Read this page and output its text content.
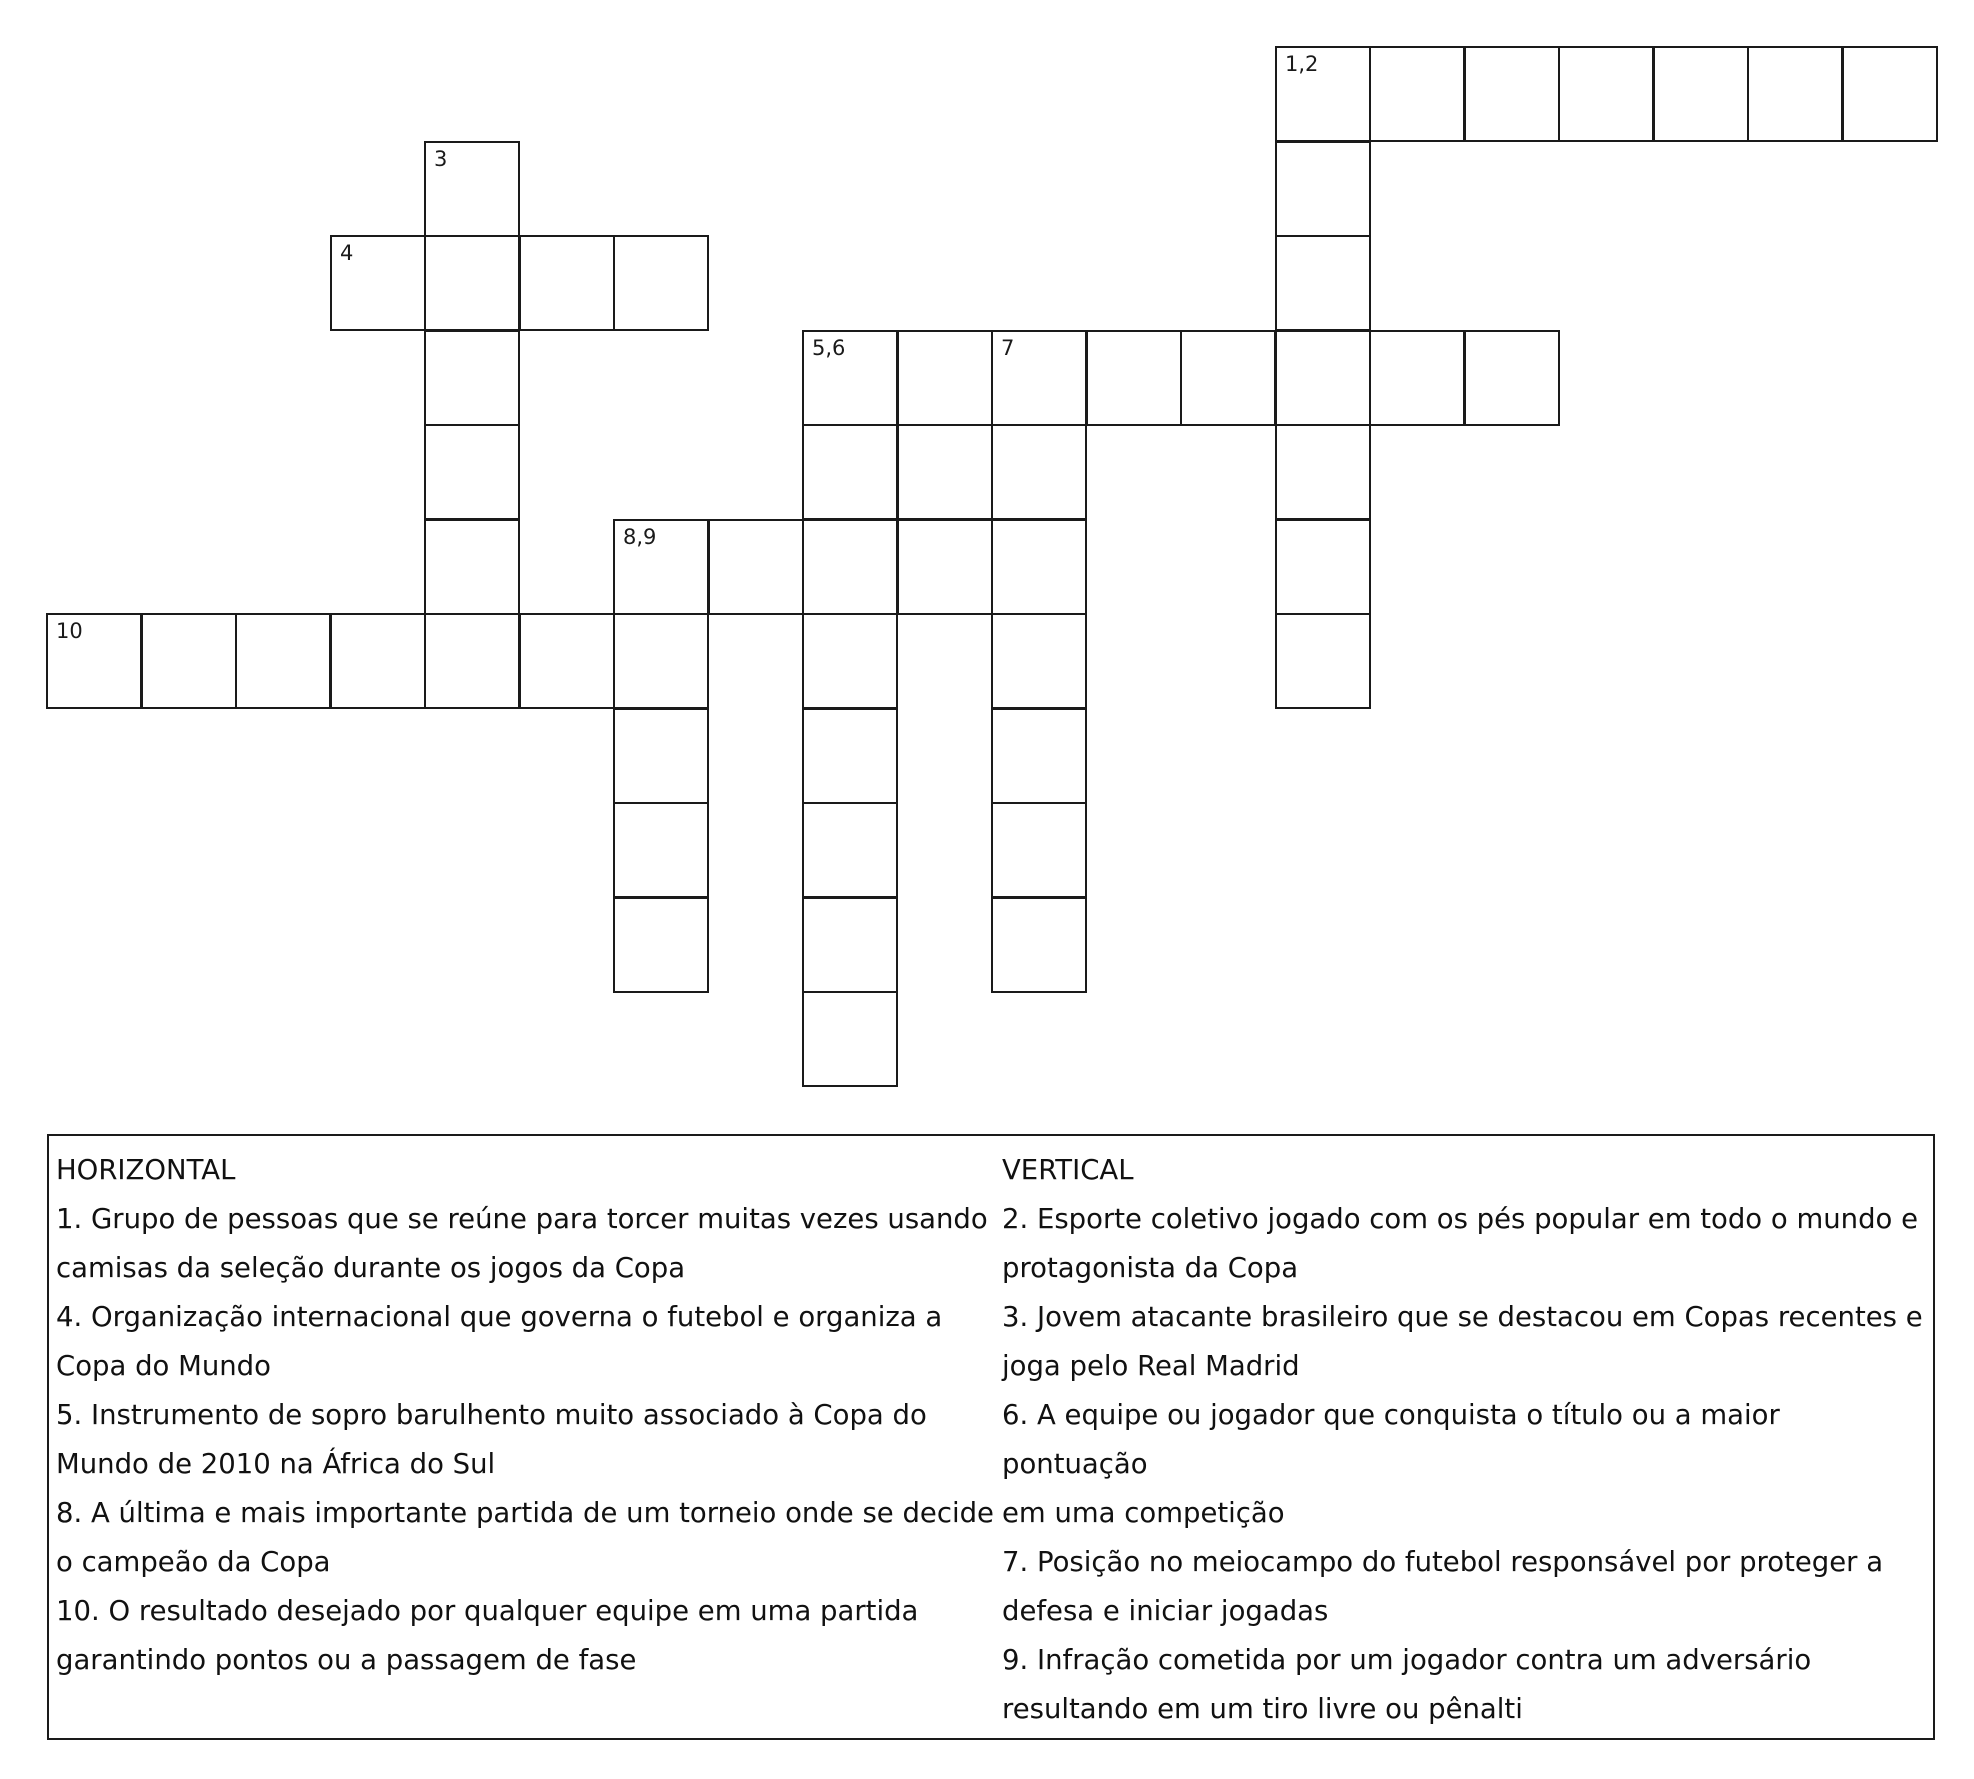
1,2
3
4
5,6	7
8,9
10
HORIZONTAL

1. Grupo de pessoas que se reúne para torcer muitas vezes usando

camisas da seleção durante os jogos da Copa

4. Organização internacional que governa o futebol e organiza a

Copa do Mundo

5. Instrumento de sopro barulhento muito associado à Copa do

Mundo de 2010 na África do Sul

8. A última e mais importante partida de um torneio onde se decide

o campeão da Copa

10. O resultado desejado por qualquer equipe em uma partida

garantindo pontos ou a passagem de fase

VERTICAL

2. Esporte coletivo jogado com os pés popular em todo o mundo e

protagonista da Copa

3. Jovem atacante brasileiro que se destacou em Copas recentes e

joga pelo Real Madrid

6. A equipe ou jogador que conquista o título ou a maior pontuação

em uma competição

7. Posição no meiocampo do futebol responsável por proteger a

defesa e iniciar jogadas

9. Infração cometida por um jogador contra um adversário

resultando em um tiro livre ou pênalti
